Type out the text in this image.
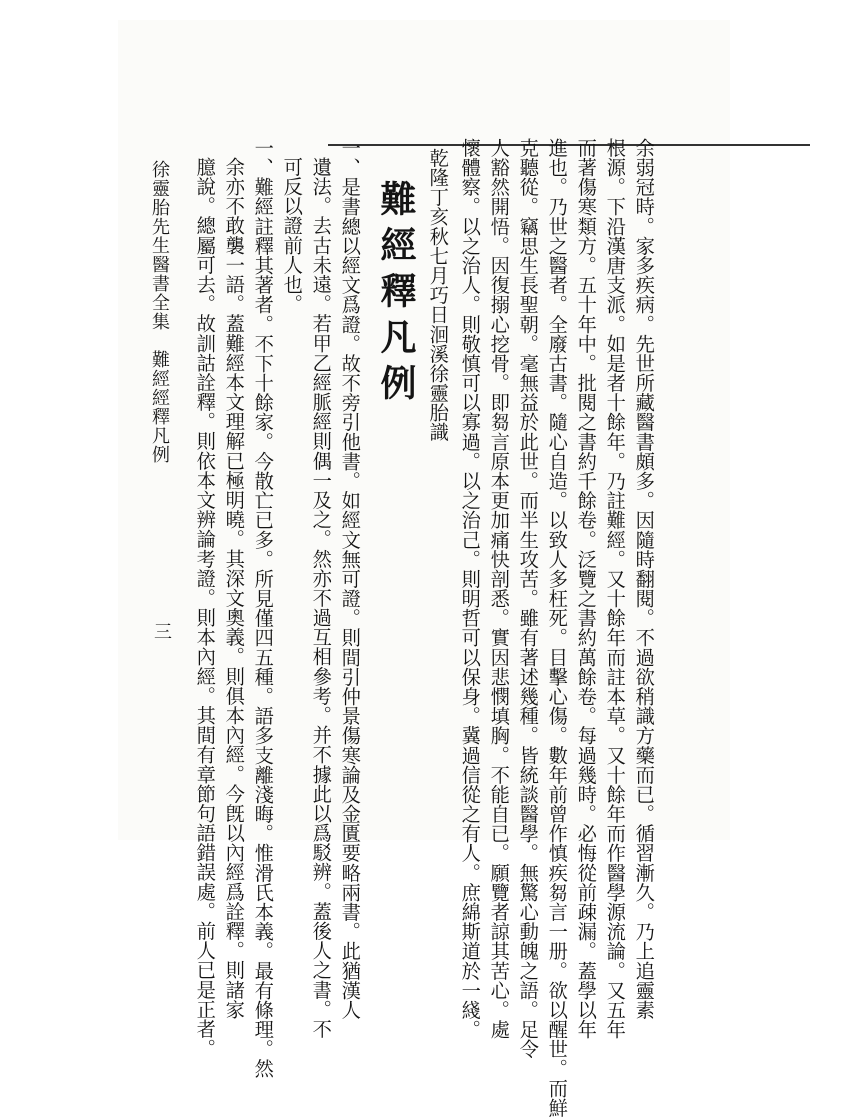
余弱冠時。家多疾病。先世所藏醫書頗多。因隨時翻閱。不過欲稍識方藥而已。循習漸久。乃上追靈素
根源。下沿漢唐支派。如是者十餘年。乃註難經。又十餘年而註本草。又十餘年而作醫學源流論。又五年
而著傷寒類方。五十年中。批閱之書約千餘卷。泛覽之書約萬餘卷。每過幾時。必悔從前疎漏。蓋學以年
進也。乃世之醫者。全廢古書。隨心自造。以致人多枉死。目擊心傷。數年前曾作慎疾芻言一册。欲以醒世。而鮮
克聽從。竊思生長聖朝。毫無益於此世。而半生攻苦。雖有著述幾種。皆統談醫學。無驚心動魄之語。足令
人豁然開悟。因復搦心挖骨。即芻言原本更加痛快剖悉。實因悲憫填胸。不能自已。願覽者諒其苦心。處
懷體察。以之治人。則敬慎可以寡過。以之治己。則明哲可以保身。冀過信從之有人。庶綿斯道於一綫。
乾隆丁亥秋七月巧日洄溪徐靈胎識
難經釋凡例
一、是書總以經文爲證。故不旁引他書。如經文無可證。則間引仲景傷寒論及金匱要略兩書。此猶漢人
遺法。去古未遠。若甲乙經脈經則偶一及之。然亦不過互相參考。并不據此以爲駁辨。蓋後人之書。不
可反以證前人也。
一、難經註釋其著者。不下十餘家。今散亡已多。所見僅四五種。語多支離淺晦。惟滑氏本義。最有條理。然
余亦不敢襲一語。蓋難經本文理解已極明曉。其深文奧義。則俱本內經。今旣以內經爲詮釋。則諸家
臆說。總屬可去。故訓詁詮釋。則依本文辨論考證。則本內經。其間有章節句語錯誤處。前人已是正者。
徐靈胎先生醫書全集　難經經釋凡例
三
